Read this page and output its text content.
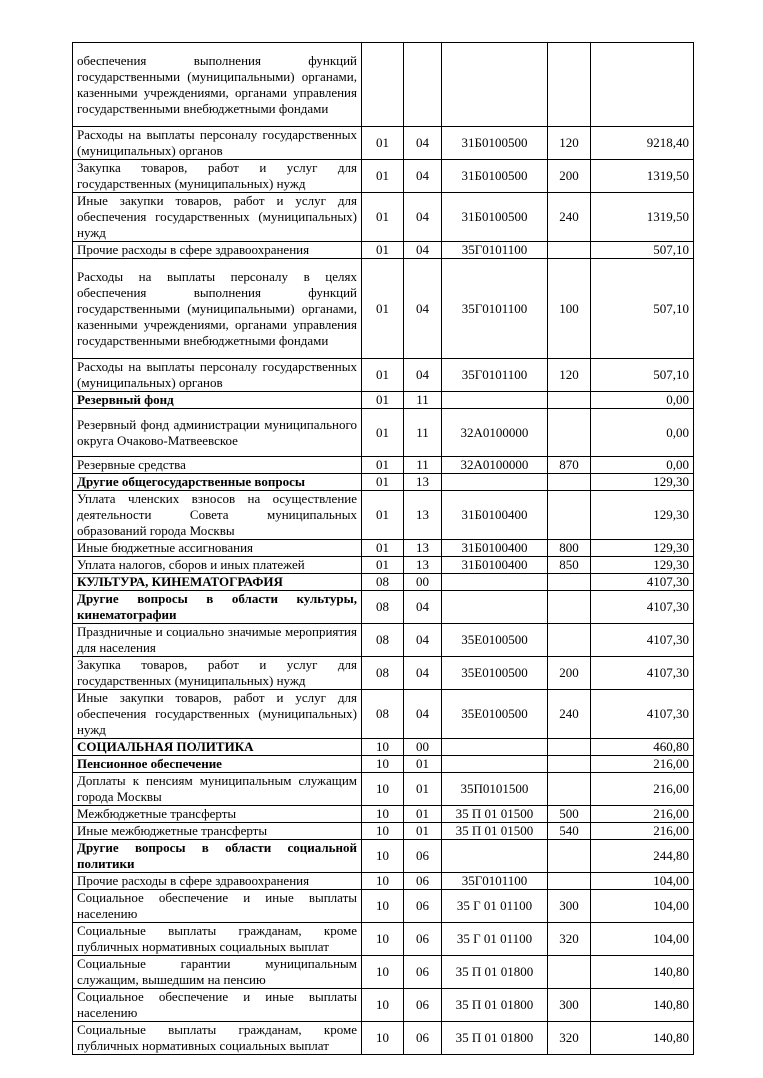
обеспечения выполнения функций государственными (муниципальными) органами, казенными учреждениями, органами управления государственными внебюджетными фондами					
Расходы на выплаты персоналу государственных (муниципальных) органов	01	04	31Б0100500	120	9218,40
Закупка товаров, работ и услуг для государственных (муниципальных) нужд	01	04	31Б0100500	200	1319,50
Иные закупки товаров, работ и услуг для обеспечения государственных (муниципальных) нужд	01	04	31Б0100500	240	1319,50
Прочие расходы в сфере здравоохранения	01	04	35Г0101100		507,10
Расходы на выплаты персоналу в целях обеспечения выполнения функций государственными (муниципальными) органами, казенными учреждениями, органами управления государственными внебюджетными фондами	01	04	35Г0101100	100	507,10
Расходы на выплаты персоналу государственных (муниципальных) органов	01	04	35Г0101100	120	507,10
Резервный фонд	01	11			0,00
Резервный фонд администрации муниципального округа Очаково-Матвеевское	01	11	32А0100000		0,00
Резервные средства	01	11	32А0100000	870	0,00
Другие общегосударственные вопросы	01	13			129,30
Уплата членских взносов на осуществление деятельности Совета муниципальных образований города Москвы	01	13	31Б0100400		129,30
Иные бюджетные ассигнования	01	13	31Б0100400	800	129,30
Уплата налогов, сборов и иных платежей	01	13	31Б0100400	850	129,30
КУЛЬТУРА, КИНЕМАТОГРАФИЯ	08	00			4107,30
Другие вопросы в области культуры, кинематографии	08	04			4107,30
Праздничные и социально значимые мероприятия для населения	08	04	35Е0100500		4107,30
Закупка товаров, работ и услуг для государственных (муниципальных) нужд	08	04	35Е0100500	200	4107,30
Иные закупки товаров, работ и услуг для обеспечения государственных (муниципальных) нужд	08	04	35Е0100500	240	4107,30
СОЦИАЛЬНАЯ ПОЛИТИКА	10	00			460,80
Пенсионное обеспечение	10	01			216,00
Доплаты к пенсиям муниципальным служащим города Москвы	10	01	35П0101500		216,00
Межбюджетные трансферты	10	01	35 П 01 01500	500	216,00
Иные межбюджетные трансферты	10	01	35 П 01 01500	540	216,00
Другие вопросы в области социальной политики	10	06			244,80
Прочие расходы в сфере здравоохранения	10	06	35Г0101100		104,00
Социальное обеспечение и иные выплаты населению	10	06	35 Г 01 01100	300	104,00
Социальные выплаты гражданам, кроме публичных нормативных социальных выплат	10	06	35 Г 01 01100	320	104,00
Социальные гарантии муниципальным служащим, вышедшим на пенсию	10	06	35 П 01 01800		140,80
Социальное обеспечение и иные выплаты населению	10	06	35 П 01 01800	300	140,80
Социальные выплаты гражданам, кроме публичных нормативных социальных выплат	10	06	35 П 01 01800	320	140,80
